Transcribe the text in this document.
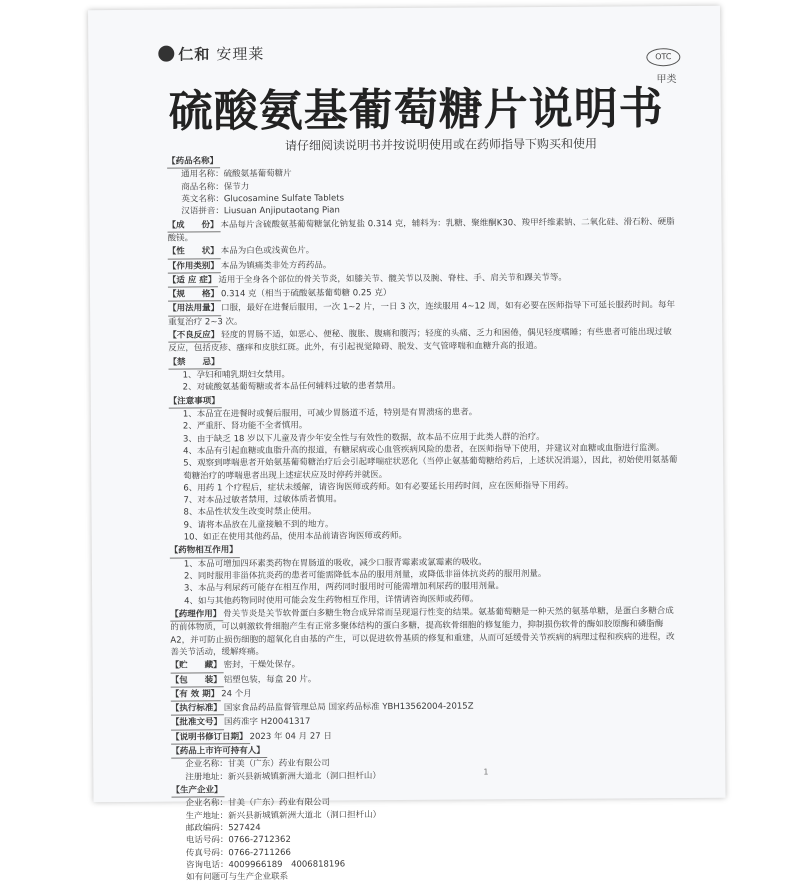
仁和 安理莱	OTC
甲类
硫酸氨基葡萄糖片说明书
请仔细阅读说明书并按说明使用或在药师指导下购买和使用
【药品名称】
通用名称：硫酸氨基葡萄糖片
商品名称：保节力
英文名称：Glucosamine Sulfate Tablets
汉语拼音：Liusuan Anjiputaotang Pian
【成　　份】 本品每片含硫酸氨基葡萄糖氯化钠复盐 0.314 克，辅料为：乳糖、聚维酮K30、羧甲纤维素钠、二氧化硅、滑石粉、硬脂酸镁。
【性　　状】 本品为白色或浅黄色片。
【作用类别】 本品为镇痛类非处方药药品。
【适 应 症】 适用于全身各个部位的骨关节炎，如膝关节、髋关节以及腕、脊柱、手、肩关节和踝关节等。
【规　　格】 0.314 克（相当于硫酸氨基葡萄糖 0.25 克）
【用法用量】 口服，最好在进餐后服用，一次 1~2 片，一日 3 次，连续服用 4~12 周，如有必要在医师指导下可延长服药时间。每年重复治疗 2~3 次。
【不良反应】 轻度的胃肠不适，如恶心、便秘、腹胀、腹痛和腹泻；轻度的头痛、乏力和困倦，偶见轻度嗜睡；有些患者可能出现过敏反应，包括皮疹、瘙痒和皮肤红斑。此外，有引起视觉障碍、脱发、支气管哮喘和血糖升高的报道。
【禁　　忌】
1、孕妇和哺乳期妇女禁用。
2、对硫酸氨基葡萄糖或者本品任何辅料过敏的患者禁用。
【注意事项】
1、本品宜在进餐时或餐后服用，可减少胃肠道不适，特别是有胃溃疡的患者。
2、严重肝、肾功能不全者慎用。
3、由于缺乏 18 岁以下儿童及青少年安全性与有效性的数据，故本品不应用于此类人群的治疗。
4、本品有引起血糖或血脂升高的报道，有糖尿病或心血管疾病风险的患者，在医师指导下使用，并建议对血糖或血脂进行监测。
5、观察到哮喘患者开始氨基葡萄糖治疗后会引起哮喘症状恶化（当停止氨基葡萄糖给药后，上述状况消退），因此，初始使用氨基葡萄糖治疗的哮喘患者出现上述症状应及时停药并就医。
6、用药 1 个疗程后，症状未缓解，请咨询医师或药师。如有必要延长用药时间，应在医师指导下用药。
7、对本品过敏者禁用，过敏体质者慎用。
8、本品性状发生改变时禁止使用。
9、请将本品放在儿童接触不到的地方。
10、如正在使用其他药品，使用本品前请咨询医师或药师。
【药物相互作用】
1、本品可增加四环素类药物在胃肠道的吸收，减少口服青霉素或氯霉素的吸收。
2、同时服用非甾体抗炎药的患者可能需降低本品的服用剂量，或降低非甾体抗炎药的服用剂量。
3、本品与利尿药可能存在相互作用，两药同时服用时可能需增加利尿药的服用剂量。
4、如与其他药物同时使用可能会发生药物相互作用，详情请咨询医师或药师。
【药理作用】 骨关节炎是关节软骨蛋白多糖生物合成异常而呈现退行性变的结果。氨基葡萄糖是一种天然的氨基单糖，是蛋白多糖合成的前体物质，可以刺激软骨细胞产生有正常多聚体结构的蛋白多糖，提高软骨细胞的修复能力，抑制损伤软骨的酶如胶原酶和磷脂酶A2，并可防止损伤细胞的超氧化自由基的产生，可以促进软骨基质的修复和重建，从而可延缓骨关节疾病的病理过程和疾病的进程，改善关节活动，缓解疼痛。
【贮　　藏】 密封，干燥处保存。
【包　　装】 铝塑包装，每盒 20 片。
【有 效 期】 24 个月
【执行标准】 国家食品药品监督管理总局 国家药品标准 YBH13562004-2015Z
【批准文号】 国药准字 H20041317
【说明书修订日期】 2023 年 04 月 27 日
【药品上市许可持有人】
企业名称：甘美（广东）药业有限公司
注册地址：新兴县新城镇新洲大道北（洞口担杆山）
【生产企业】
企业名称：甘美（广东）药业有限公司
生产地址：新兴县新城镇新洲大道北（洞口担杆山）
邮政编码：527424
电话号码：0766-2712362
传真号码：0766-2711266
咨询电话：4009966189　4006818196
如有问题可与生产企业联系
1
